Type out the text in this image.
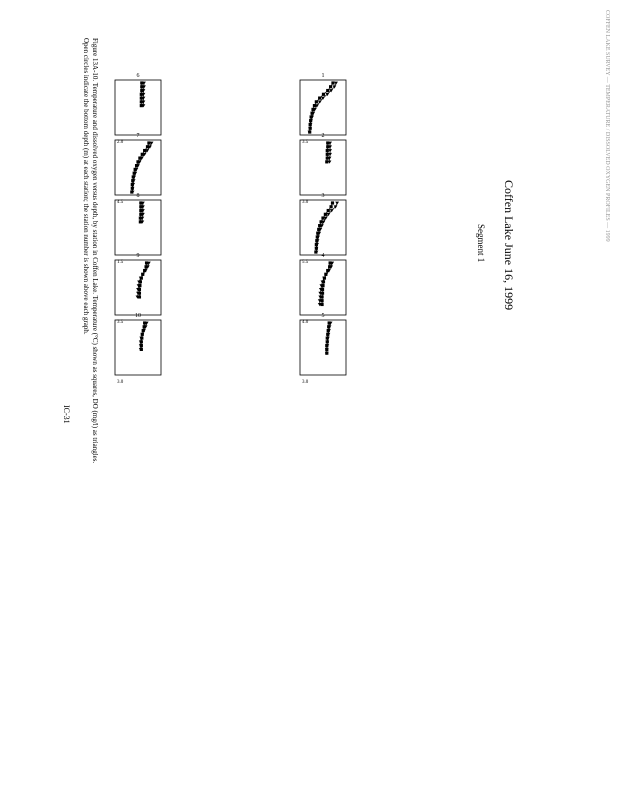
COFFEN LAKE SURVEY — TEMPERATURE / DISSOLVED OXYGEN PROFILES — 1999
Coffen Lake June 16, 1999
Segment 1
Figure 13A-10. Temperature and dissolved oxygen versus depth, by station in Coffen Lake. Temperature (°C) shown as squares, DO (mg/l) as triangles.
Open circles indicate the bottom depth (m) at each station; the station number is shown above each graph.
IC-31
1
3.5
2
3.0
3
5.5
4
4.0
5
3.0
6
2.0
7
4.5
8
1.5
9
3.5
10
3.0
